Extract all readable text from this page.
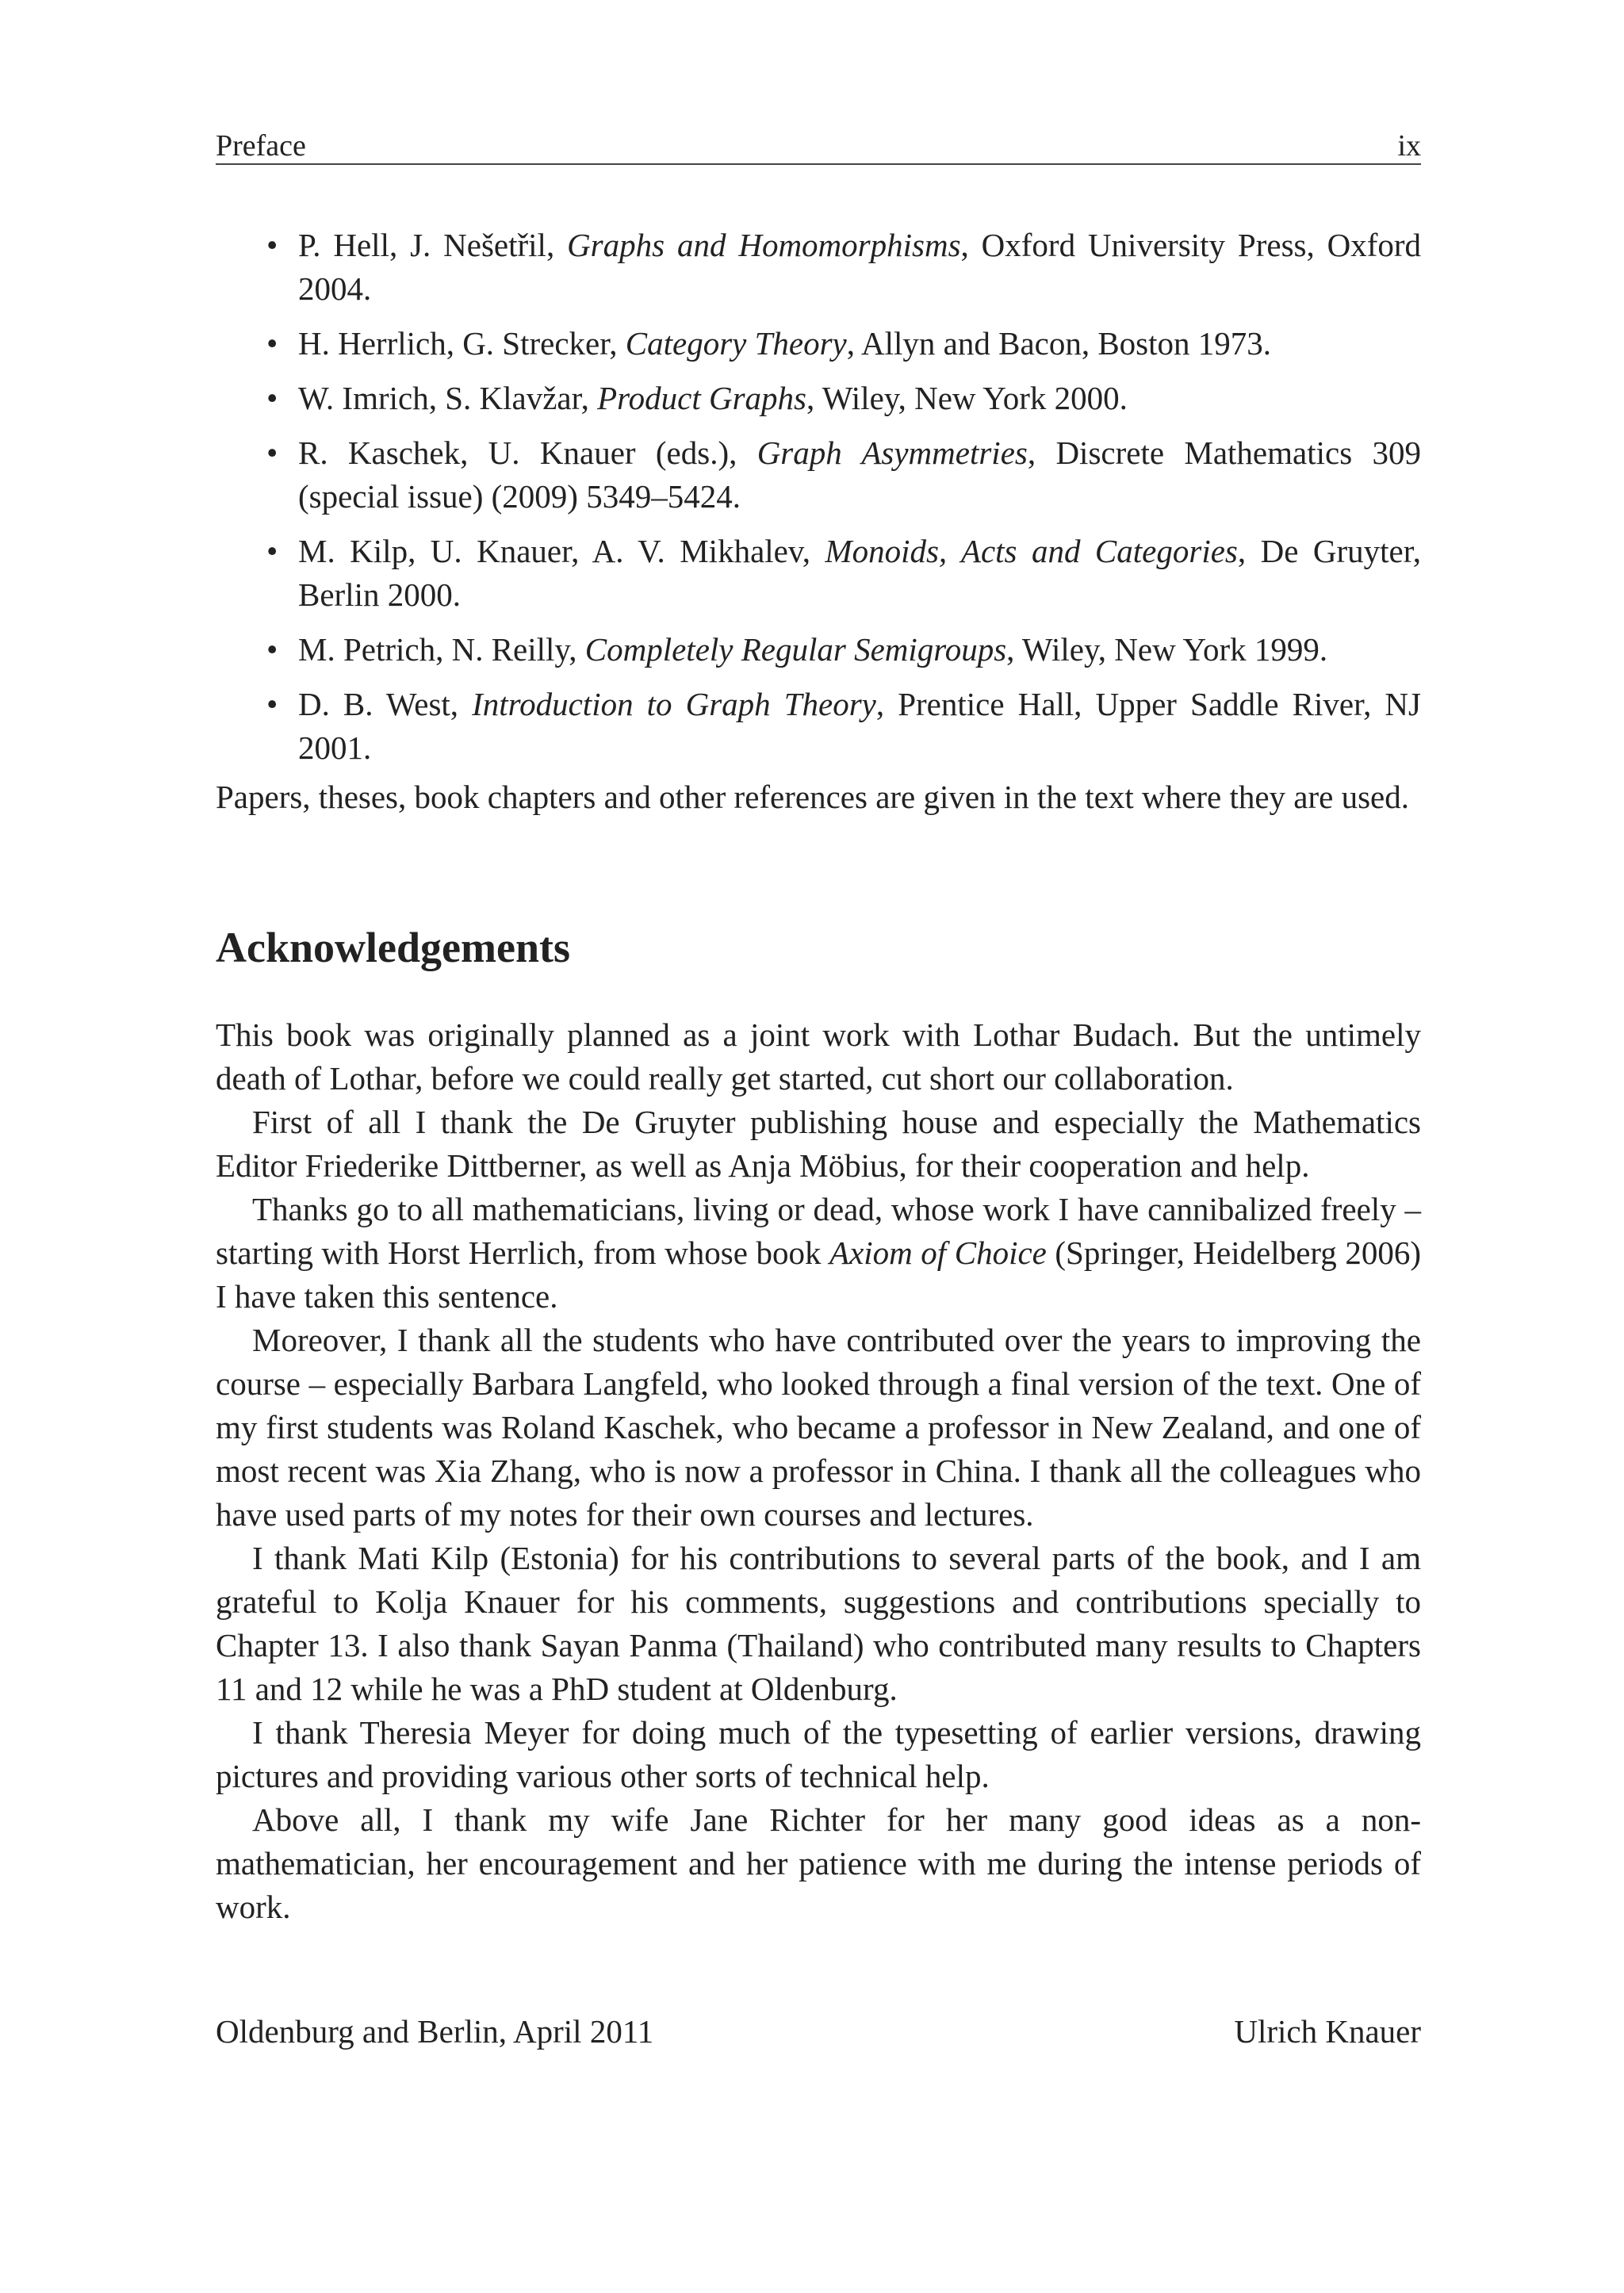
Preface	ix
• P. Hell, J. Nešetřil, Graphs and Homomorphisms, Oxford University Press, Oxford 2004.
• H. Herrlich, G. Strecker, Category Theory, Allyn and Bacon, Boston 1973.
• W. Imrich, S. Klavžar, Product Graphs, Wiley, New York 2000.
• R. Kaschek, U. Knauer (eds.), Graph Asymmetries, Discrete Mathematics 309 (special issue) (2009) 5349–5424.
• M. Kilp, U. Knauer, A. V. Mikhalev, Monoids, Acts and Categories, De Gruyter, Berlin 2000.
• M. Petrich, N. Reilly, Completely Regular Semigroups, Wiley, New York 1999.
• D. B. West, Introduction to Graph Theory, Prentice Hall, Upper Saddle River, NJ 2001.

Papers, theses, book chapters and other references are given in the text where they are used.

Acknowledgements

This book was originally planned as a joint work with Lothar Budach. But the untimely death of Lothar, before we could really get started, cut short our collaboration.

First of all I thank the De Gruyter publishing house and especially the Mathematics Editor Friederike Dittberner, as well as Anja Möbius, for their cooperation and help.

Thanks go to all mathematicians, living or dead, whose work I have cannibalized freely – starting with Horst Herrlich, from whose book Axiom of Choice (Springer, Heidelberg 2006) I have taken this sentence.

Moreover, I thank all the students who have contributed over the years to improving the course – especially Barbara Langfeld, who looked through a final version of the text. One of my first students was Roland Kaschek, who became a professor in New Zealand, and one of most recent was Xia Zhang, who is now a professor in China. I thank all the colleagues who have used parts of my notes for their own courses and lectures.

I thank Mati Kilp (Estonia) for his contributions to several parts of the book, and I am grateful to Kolja Knauer for his comments, suggestions and contributions specially to Chapter 13. I also thank Sayan Panma (Thailand) who contributed many results to Chapters 11 and 12 while he was a PhD student at Oldenburg.

I thank Theresia Meyer for doing much of the typesetting of earlier versions, drawing pictures and providing various other sorts of technical help.

Above all, I thank my wife Jane Richter for her many good ideas as a non-mathematician, her encouragement and her patience with me during the intense periods of work.

Oldenburg and Berlin, April 2011	Ulrich Knauer
